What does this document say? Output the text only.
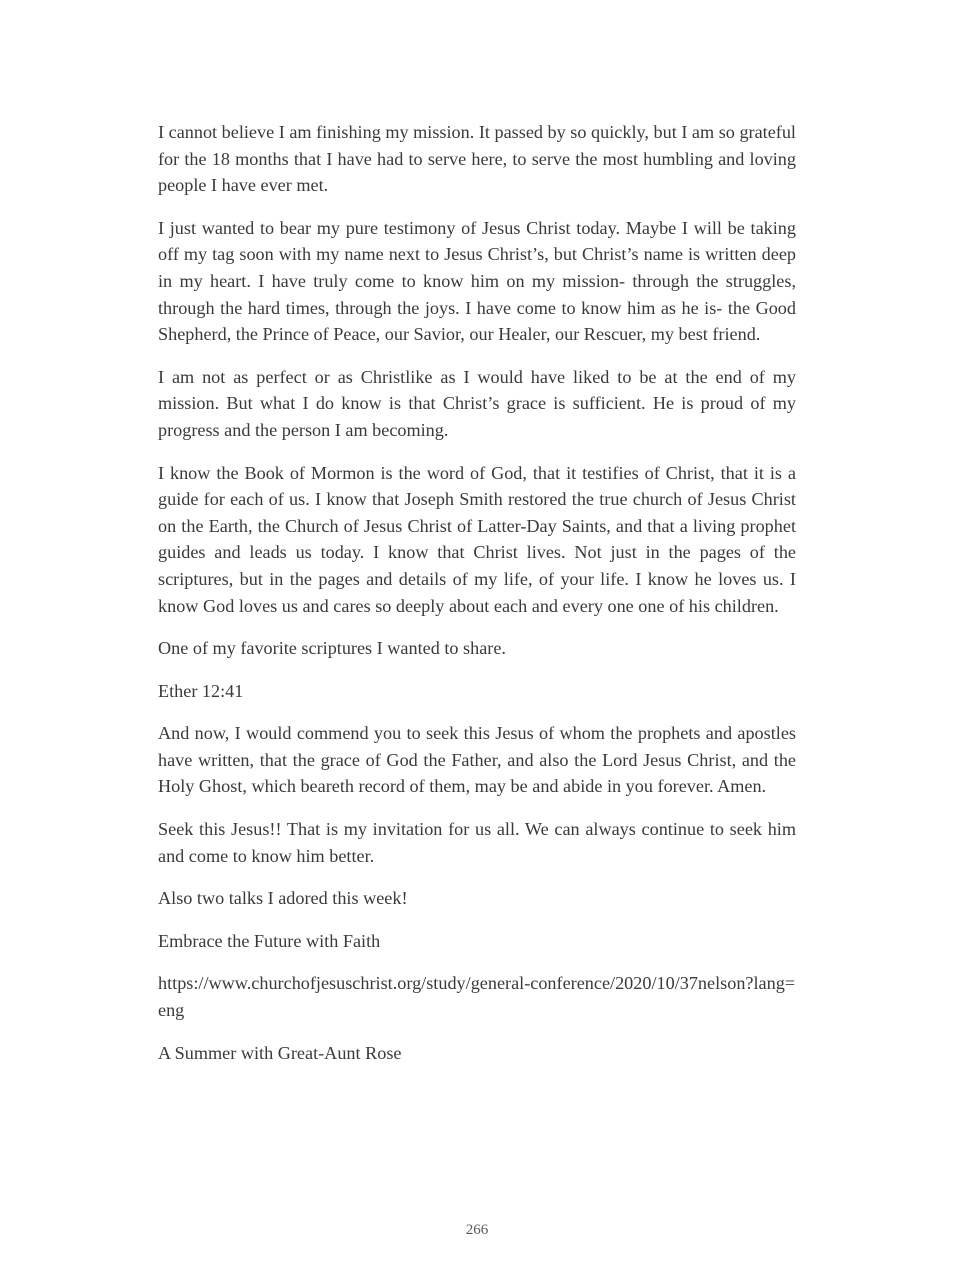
I cannot believe I am finishing my mission. It passed by so quickly, but I am so grateful for the 18 months that I have had to serve here, to serve the most humbling and loving people I have ever met.

I just wanted to bear my pure testimony of Jesus Christ today. Maybe I will be taking off my tag soon with my name next to Jesus Christ’s, but Christ’s name is written deep in my heart. I have truly come to know him on my mission- through the struggles, through the hard times, through the joys. I have come to know him as he is- the Good Shepherd, the Prince of Peace, our Savior, our Healer, our Rescuer, my best friend.

I am not as perfect or as Christlike as I would have liked to be at the end of my mission. But what I do know is that Christ’s grace is sufficient. He is proud of my progress and the person I am becoming.

I know the Book of Mormon is the word of God, that it testifies of Christ, that it is a guide for each of us. I know that Joseph Smith restored the true church of Jesus Christ on the Earth, the Church of Jesus Christ of Latter-Day Saints, and that a living prophet guides and leads us today. I know that Christ lives. Not just in the pages of the scriptures, but in the pages and details of my life, of your life. I know he loves us. I know God loves us and cares so deeply about each and every one one of his children.

One of my favorite scriptures I wanted to share.

Ether 12:41

And now, I would commend you to seek this Jesus of whom the prophets and apostles have written, that the grace of God the Father, and also the Lord Jesus Christ, and the Holy Ghost, which beareth record of them, may be and abide in you forever. Amen.

Seek this Jesus!! That is my invitation for us all. We can always continue to seek him and come to know him better.

Also two talks I adored this week!

Embrace the Future with Faith

https://www.churchofjesuschrist.org/study/general-conference/2020/10/37nelson?lang=eng

A Summer with Great-Aunt Rose

266
